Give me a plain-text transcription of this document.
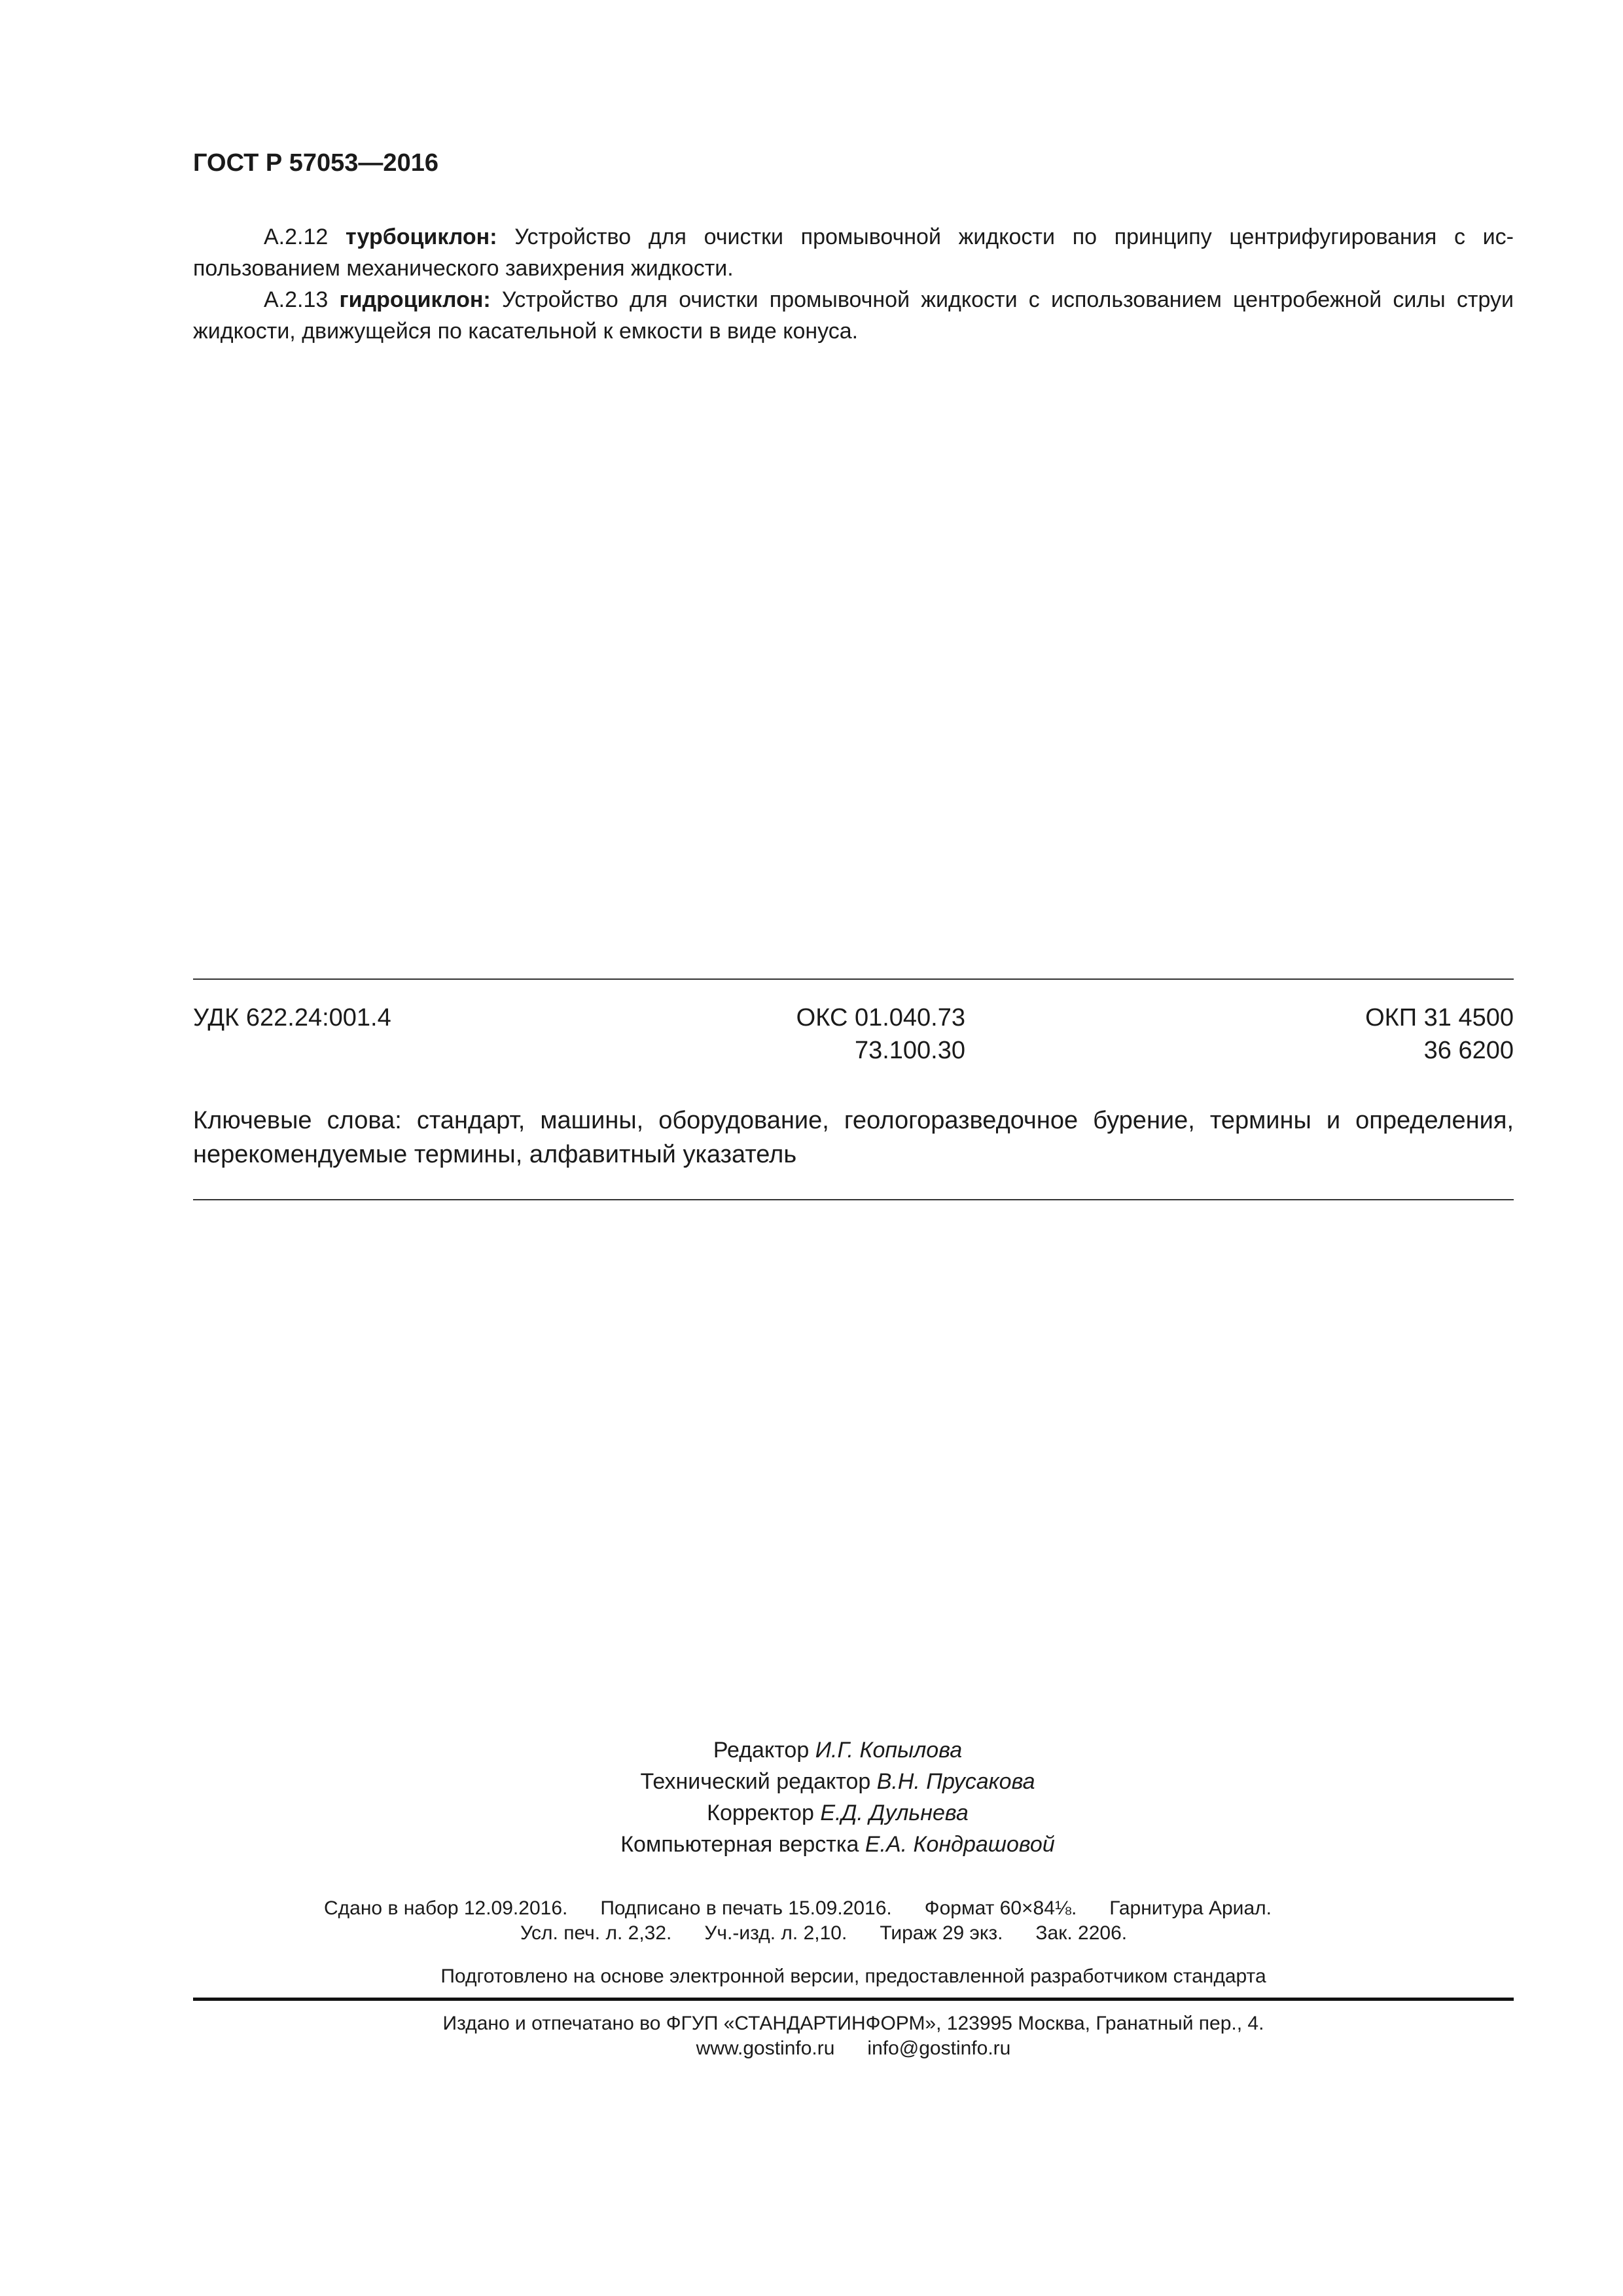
ГОСТ Р 57053—2016
А.2.12 турбоциклон: Устройство для очистки промывочной жидкости по принципу центрифугирования с использованием механического завихрения жидкости.
А.2.13 гидроциклон: Устройство для очистки промывочной жидкости с использованием центробежной силы струи жидкости, движущейся по касательной к емкости в виде конуса.
УДК 622.24:001.4	ОКС 01.040.73
73.100.30
ОКП 31 4500
36 6200
Ключевые слова: стандарт, машины, оборудование, геологоразведочное бурение, термины и определения, нерекомендуемые термины, алфавитный указатель
Редактор И.Г. Копылова
Технический редактор В.Н. Прусакова
Корректор Е.Д. Дульнева
Компьютерная верстка Е.А. Кондрашовой
Сдано в набор 12.09.2016.      Подписано в печать 15.09.2016.      Формат 60×84⅛.      Гарнитура Ариал.
Усл. печ. л. 2,32.      Уч.-изд. л. 2,10.      Тираж 29 экз.      Зак. 2206.
Подготовлено на основе электронной версии, предоставленной разработчиком стандарта
Издано и отпечатано во ФГУП «СТАНДАРТИНФОРМ», 123995 Москва, Гранатный пер., 4.
www.gostinfo.ru      info@gostinfo.ru
